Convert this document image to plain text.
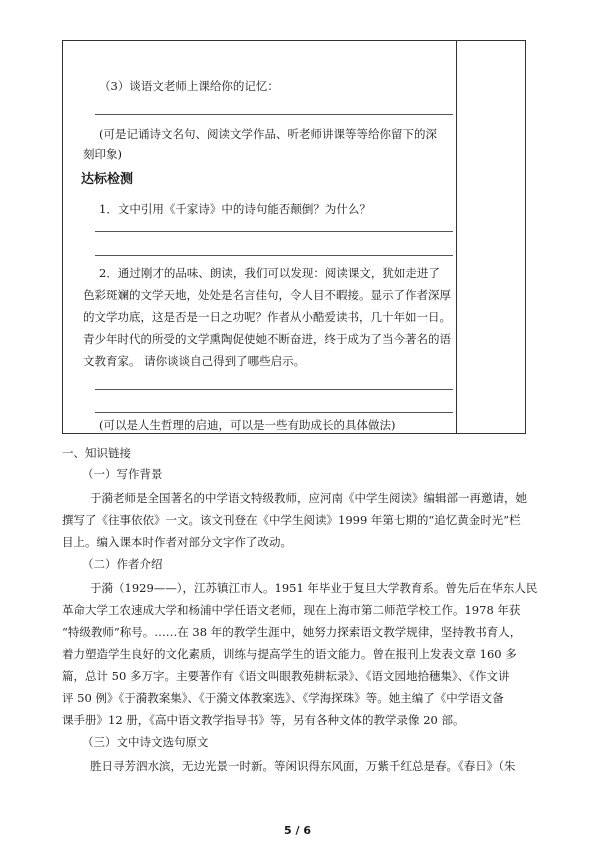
（3）谈语文老师上课给你的记忆：
(可是记诵诗文名句、阅读文学作品、听老师讲课等等给你留下的深
刻印象)
达标检测
1．文中引用《千家诗》中的诗句能否颠倒？为什么？
2．通过刚才的品味、朗读，我们可以发现：阅读课文，犹如走进了
色彩斑斓的文学天地，处处是名言佳句，令人目不暇接。显示了作者深厚
的文学功底，这是否是一日之功呢？作者从小酷爱读书，几十年如一日。
青少年时代的所受的文学熏陶促使她不断奋进，终于成为了当今著名的语
文教育家。 请你谈谈自己得到了哪些启示。
(可以是人生哲理的启迪，可以是一些有助成长的具体做法)
一、知识链接
（一）写作背景
于漪老师是全国著名的中学语文特级教师，应河南《中学生阅读》编辑部一再邀请，她
撰写了《往事依依》一文。该文刊登在《中学生阅读》1999 年第七期的“追忆黄金时光”栏
目上。编入课本时作者对部分文字作了改动。
（二）作者介绍
于漪（1929——），江苏镇江市人。1951 年毕业于复旦大学教育系。曾先后在华东人民
革命大学工农速成大学和杨浦中学任语文老师，现在上海市第二师范学校工作。1978 年获
“特级教师”称号。……在 38 年的教学生涯中，她努力探索语文教学规律，坚持教书育人，
着力塑造学生良好的文化素质，训练与提高学生的语文能力。曾在报刊上发表文章 160 多
篇，总计 50 多万字。主要著作有《语文叫眼教苑耕耘录》、《语文园地拾穗集》、《作文讲
评 50 例》《于漪教案集》、《于漪文体教案选》、《学海探珠》等。她主编了《中学语文备
课手册》12 册，《高中语文教学指导书》等，另有各种文体的教学录像 20 部。
（三）文中诗文选句原文
胜日寻芳泗水滨，无边光景一时新。等闲识得东风面，万紫千红总是春。《春日》（朱
5 / 6
